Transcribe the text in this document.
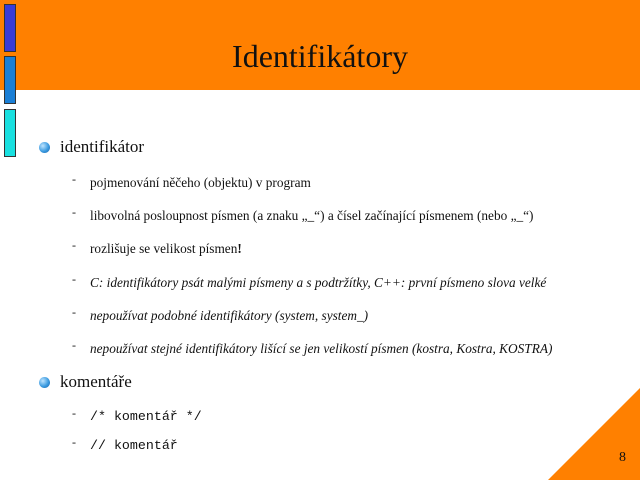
Identifikátory
identifikátor
- pojmenování něčeho (objektu) v program
- libovolná posloupnost písmen (a znaku „_“) a čísel začínající písmenem (nebo „_“)
- rozlišuje se velikost písmen!
- C: identifikátory psát malými písmeny a s podtržítky, C++: první písmeno slova velké
- nepoužívat podobné identifikátory (system, system_)
- nepoužívat stejné identifikátory lišící se jen velikostí písmen (kostra, Kostra, KOSTRA)
komentáře
- /* komentář */
- // komentář
8
